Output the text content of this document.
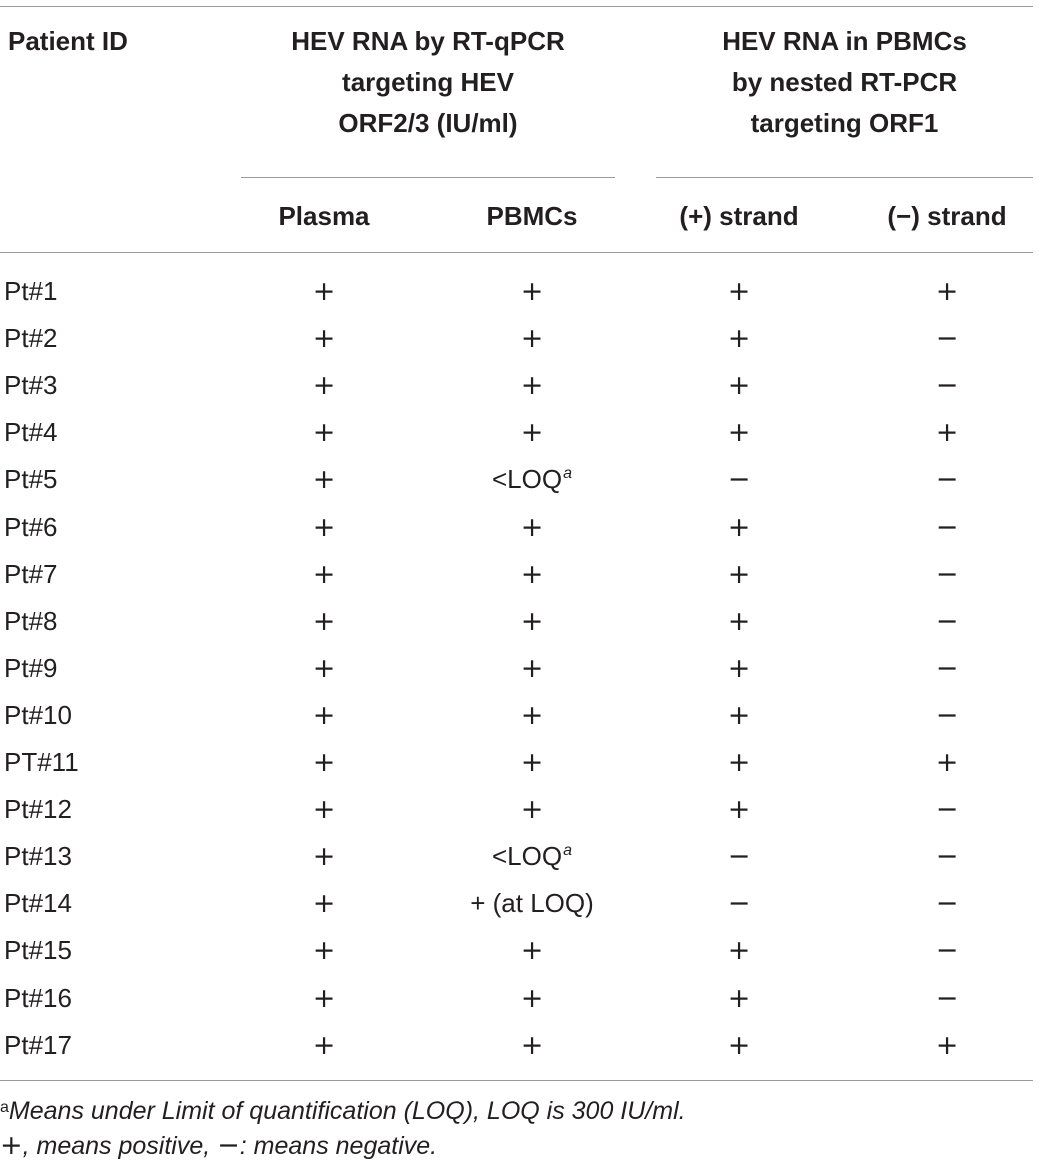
Patient ID	HEV RNA by RT-qPCR
targeting HEV
ORF2/3 (IU/ml)
HEV RNA in PBMCs
by nested RT-PCR
targeting ORF1
Plasma	PBMCs	(+) strand	(−) strand
Pt#1	+	+	+	+
Pt#2	+	+	+	−
Pt#3	+	+	+	−
Pt#4	+	+	+	+
Pt#5	+	$<LOQ^a$	−	−
Pt#6	+	+	+	−
Pt#7	+	+	+	−
Pt#8	+	+	+	−
Pt#9	+	+	+	−
Pt#10	+	+	+	−
PT#11	+	+	+	+
Pt#12	+	+	+	−
Pt#13	+	$<LOQ^a$	−	−
Pt#14	+	+ (at LOQ)	−	−
Pt#15	+	+	+	−
Pt#16	+	+	+	−
Pt#17	+	+	+	+
$^a$Means under Limit of quantification (LOQ), LOQ is 300 IU/ml.
+, means positive, −: means negative.
